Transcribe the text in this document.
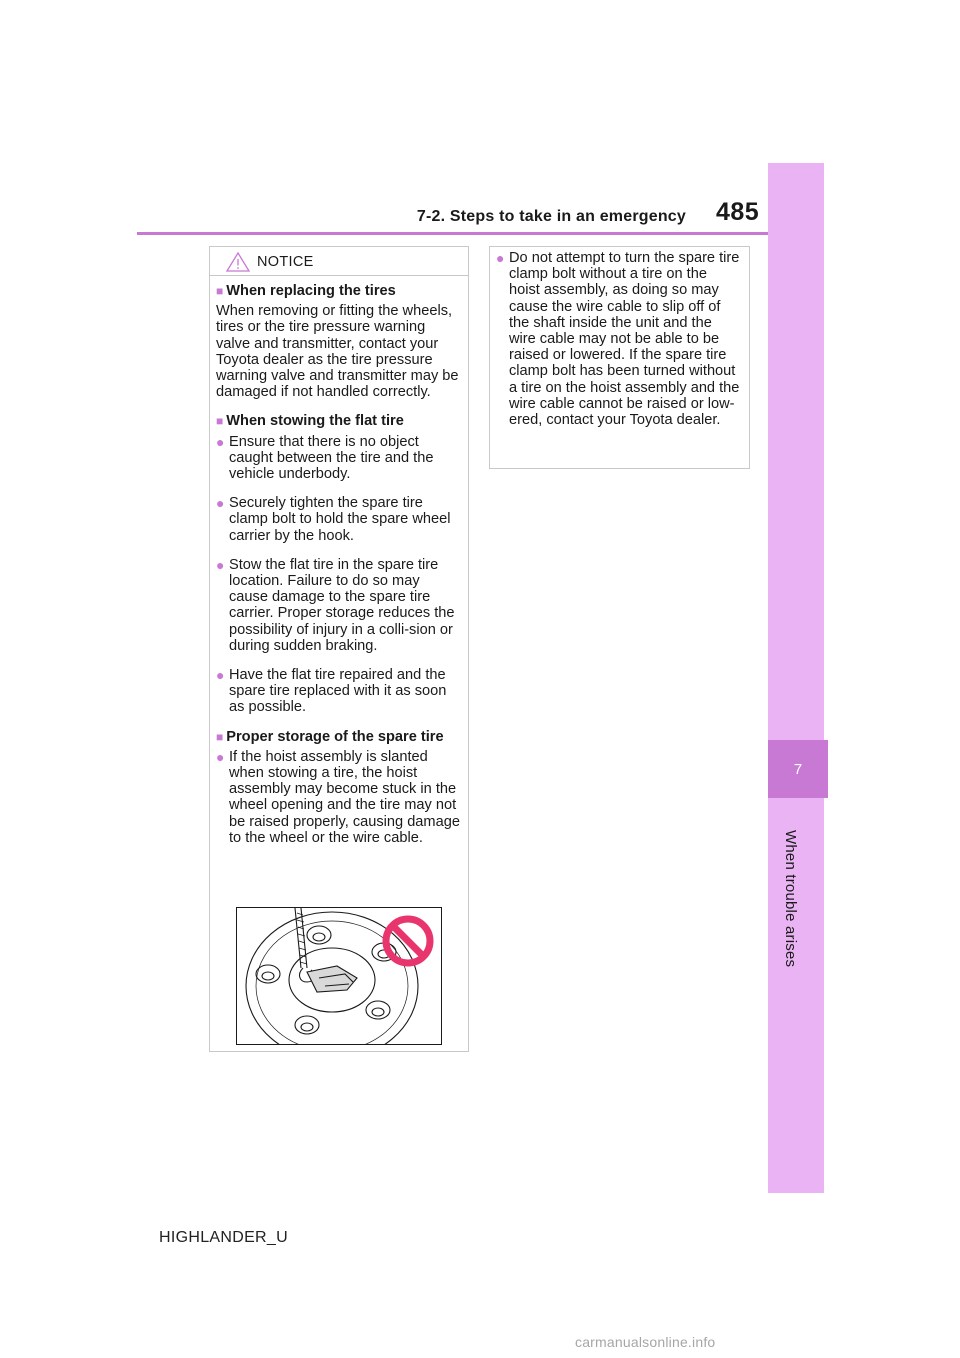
7
When trouble arises
7-2. Steps to take in an emergency 485
NOTICE
■ When replacing the tires
When removing or fitting the wheels, tires or the tire pressure warning valve and transmitter, contact your Toyota dealer as the tire pressure warning valve and transmitter may be damaged if not handled correctly.
■ When stowing the flat tire
● Ensure that there is no object caught between the tire and the vehicle underbody.
● Securely tighten the spare tire clamp bolt to hold the spare wheel carrier by the hook.
● Stow the flat tire in the spare tire location. Failure to do so may cause damage to the spare tire carrier. Proper storage reduces the possibility of injury in a colli-sion or during sudden braking.
● Have the flat tire repaired and the spare tire replaced with it as soon as possible.
■ Proper storage of the spare tire
● If the hoist assembly is slanted when stowing a tire, the hoist assembly may become stuck in the wheel opening and the tire may not be raised properly, causing damage to the wheel or the wire cable.
● Do not attempt to turn the spare tire clamp bolt without a tire on the hoist assembly, as doing so may cause the wire cable to slip off of the shaft inside the unit and the wire cable may not be able to be raised or lowered. If the spare tire clamp bolt has been turned without a tire on the hoist assembly and the wire cable cannot be raised or low-ered, contact your Toyota dealer.
HIGHLANDER_U
carmanualsonline.info
